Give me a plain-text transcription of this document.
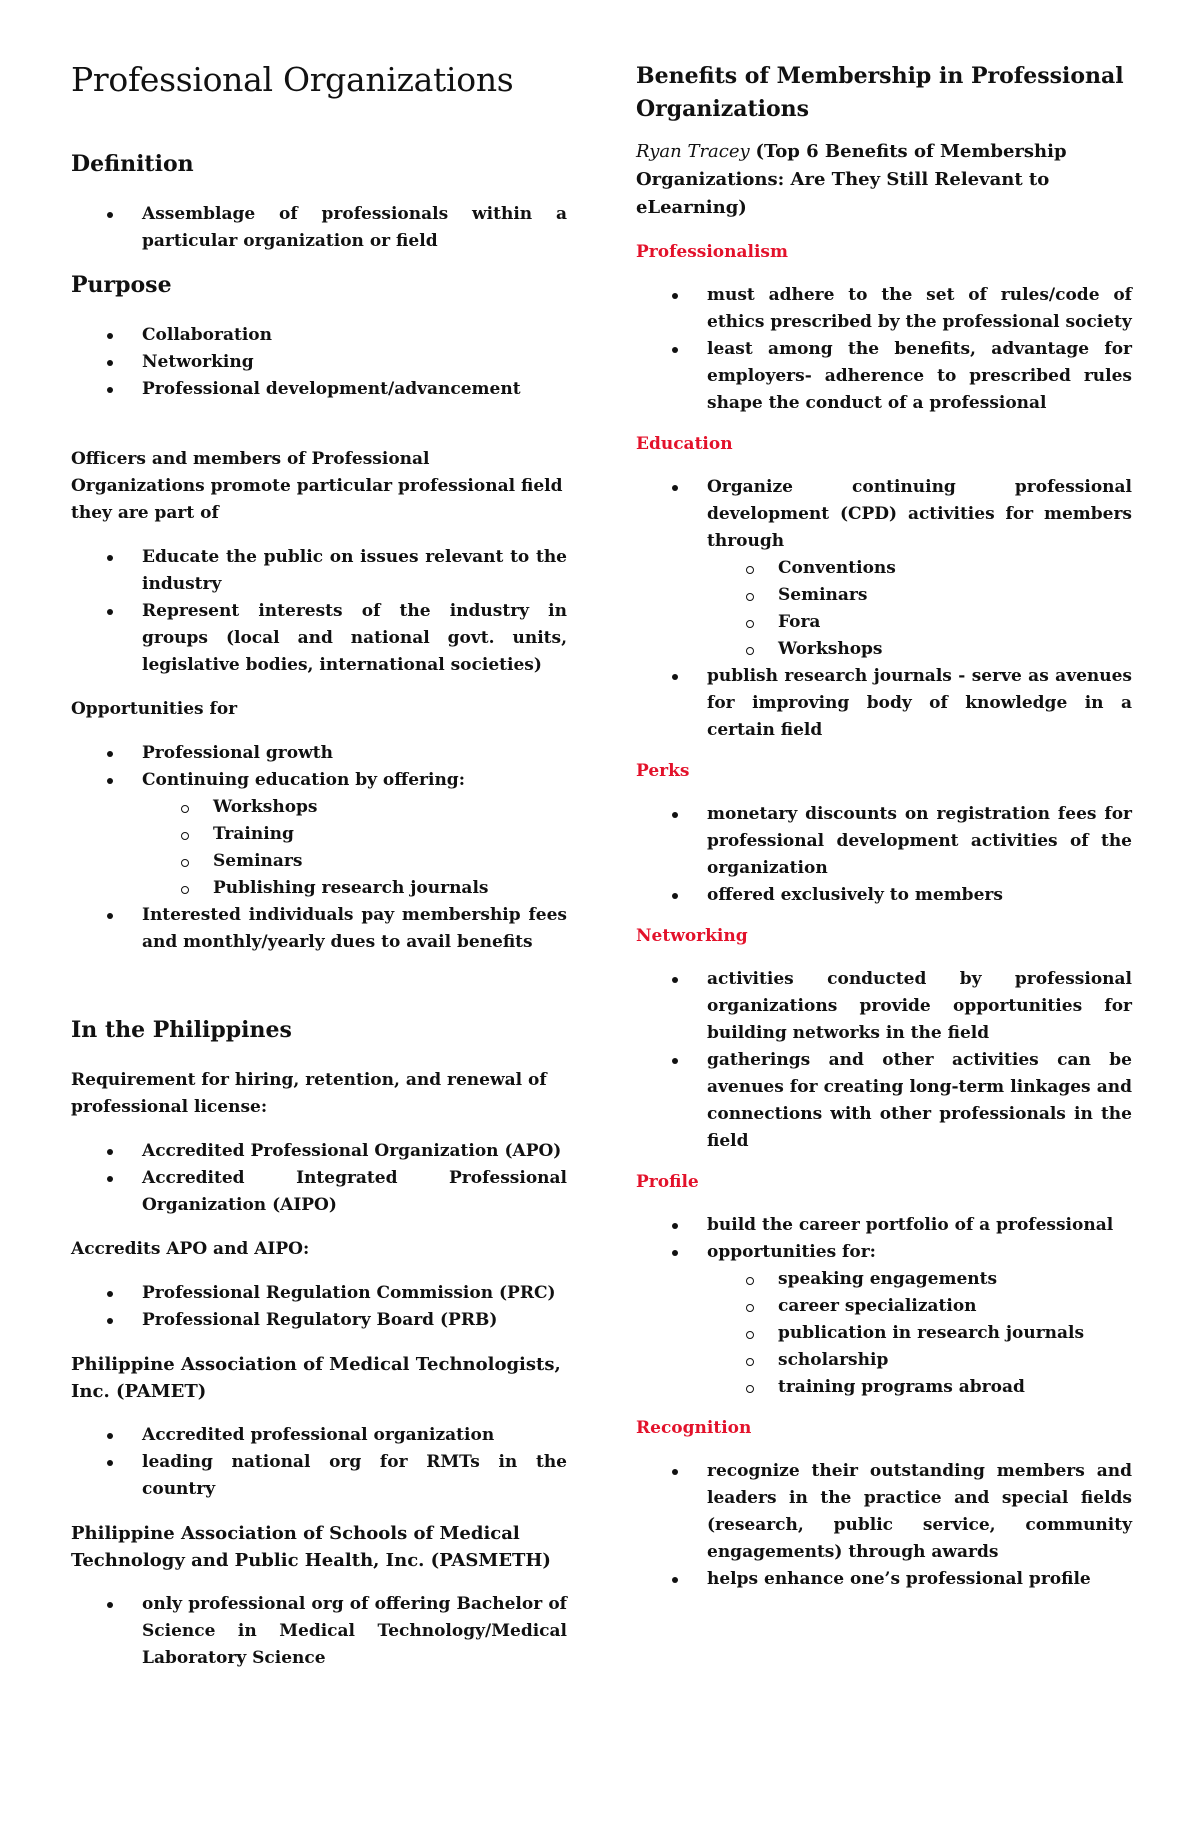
Professional Organizations
Definition
Assemblage of professionals within a particular organization or field
Purpose
Collaboration
Networking
Professional development/advancement

Officers and members of Professional Organizations promote particular professional field they are part of

Educate the public on issues relevant to the industry
Represent interests of the industry in groups (local and national govt. units, legislative bodies, international societies)

Opportunities for

Professional growth
Continuing education by offering:
Workshops
Training
Seminars
Publishing research journals
Interested individuals pay membership fees and monthly/yearly dues to avail benefits
In the Philippines

Requirement for hiring, retention, and renewal of professional license:

Accredited Professional Organization (APO)
Accredited Integrated Professional Organization (AIPO)

Accredits APO and AIPO:

Professional Regulation Commission (PRC)
Professional Regulatory Board (PRB)

Philippine Association of Medical Technologists, Inc. (PAMET)

Accredited professional organization
leading national org for RMTs in the country

Philippine Association of Schools of Medical Technology and Public Health, Inc. (PASMETH)

only professional org of offering Bachelor of Science in Medical Technology/Medical Laboratory Science
Benefits of Membership in Professional Organizations

Ryan Tracey (Top 6 Benefits of Membership Organizations: Are They Still Relevant to eLearning)

Professionalism
must adhere to the set of rules/code of ethics prescribed by the professional society
least among the benefits, advantage for employers- adherence to prescribed rules shape the conduct of a professional
Education
Organize continuing professional development (CPD) activities for members through
Conventions
Seminars
Fora
Workshops
publish research journals - serve as avenues for improving body of knowledge in a certain field
Perks
monetary discounts on registration fees for professional development activities of the organization
offered exclusively to members
Networking
activities conducted by professional organizations provide opportunities for building networks in the field
gatherings and other activities can be avenues for creating long-term linkages and connections with other professionals in the field
Profile
build the career portfolio of a professional
opportunities for:
speaking engagements
career specialization
publication in research journals
scholarship
training programs abroad
Recognition
recognize their outstanding members and leaders in the practice and special fields (research, public service, community engagements) through awards
helps enhance one’s professional profile
